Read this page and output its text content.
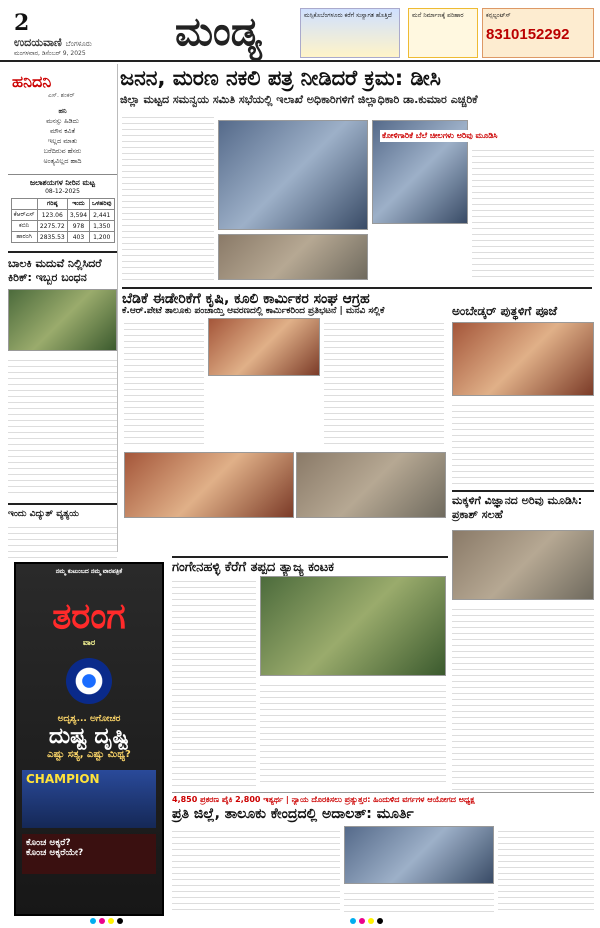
2
ಉದಯವಾಣಿ ಬೆಂಗಳೂರು
ಮಂಗಳವಾರ, ಡಿಸೆಂಬರ್ 9, 2025 ಮಂಡ್ಯ	ಮಸ್ಸಿಕೊಬೆಂಗಳೂರು ಕರೆಗೆ ಸುಸ್ವಾಗತ ಹೊತ್ತಿದೆ	ಮನೆ ನಿರ್ಮಾಣಕ್ಕೆ ಪರಿಹಾರ	ಕನ್ಸಲ್ಟಂಟ್‌ಸ್
8310152292
ಹನಿದನಿ
ಎಸ್. ಶಂಕರ್
ಹನಿ
ಮನಸ್ಸು ಹಿಡಿದು
ಮೌನ ಕವಿತೆ
ಇಲ್ಲದ ಮಾತು
ಬರೆದಿರುವ ಹೆಸರು
ಅಂತ್ಯವಿಲ್ಲದ ಹಾದಿ
ಜಲಾಶಯಗಳ ನೀರಿನ ಮಟ್ಟ
08-12-2025
	ಗರಿಷ್ಠ	ಇಂದು	ಒಳಹರಿವು
ಕೆಆರ್‌ಎಸ್	123.06	3,594	2,441
ಕಬಿನಿ	2275.72	978	1,350
ಹಾರಂಗಿ	2835.53	403	1,200
ಬಾಲಕಿ ಮದುವೆ ನಿಲ್ಲಿಸಿದರೆ ಕಿರಿಕ್: ಇಬ್ಬರ ಬಂಧನ
ಇಂದು ವಿದ್ಯುತ್ ವ್ಯತ್ಯಯ
ಜನನ, ಮರಣ ನಕಲಿ ಪತ್ರ ನೀಡಿದರೆ ಕ್ರಮ: ಡೀಸಿ
ಜಿಲ್ಲಾ ಮಟ್ಟದ ಸಮನ್ವಯ ಸಮಿತಿ ಸಭೆಯಲ್ಲಿ ಇಲಾಖೆ ಅಧಿಕಾರಿಗಳಿಗೆ ಜಿಲ್ಲಾಧಿಕಾರಿ ಡಾ.ಕುಮಾರ ಎಚ್ಚರಿಕೆ
ಕೋಳಿಗಾರಿಕೆ ಬೆಲೆ ಚೀಲಗಳು ಅರಿವು ಮೂಡಿಸಿ
ಬೆಡಿಕೆ ಈಡೇರಿಕೆಗೆ ಕೃಷಿ, ಕೂಲಿ ಕಾರ್ಮಿಕರ ಸಂಘ ಆಗ್ರಹ
ಕೆ.ಆರ್.ಪೇಟೆ ತಾಲೂಕು ಪಂಚಾಯ್ತಿ ಆವರಣದಲ್ಲಿ ಕಾರ್ಮಿಕರಿಂದ ಪ್ರತಿಭಟನೆ | ಮನವಿ ಸಲ್ಲಿಕೆ	ಅಂಬೇಡ್ಕರ್ ಪುತ್ಥಳಿಗೆ ಪೂಜೆ
ಮಕ್ಕಳಿಗೆ ವಿಜ್ಞಾನದ ಅರಿವು ಮೂಡಿಸಿ: ಪ್ರಕಾಶ್ ಸಲಹೆ
ಗಂಗೇನಹಳ್ಳಿ ಕೆರೆಗೆ ತಪ್ಪದ ತ್ಯಾಜ್ಯ ಕಂಟಕ
4,850 ಪ್ರಕರಣ ಪೈಕಿ 2,800 ಇತ್ಯರ್ಥ | ನ್ಯಾಯ ದೊರಕಿಸಲು ಪ್ರತ್ಯುತ್ತರ: ಹಿಂದುಳಿದ ವರ್ಗಗಳ ಆಯೋಗದ ಅಧ್ಯಕ್ಷ
ಪ್ರತಿ ಜಿಲ್ಲೆ, ತಾಲೂಕು ಕೇಂದ್ರದಲ್ಲಿ ಅದಾಲತ್: ಮೂರ್ತಿ
ನಮ್ಮ ಕುಟುಂಬದ ನಮ್ಮ ವಾರಪತ್ರಿಕೆ
ತರಂಗ
ವಾರ
ಅದೃಶ್ಯ... ಅಗೋಚರ
ದುಷ್ಟ ದೃಷ್ಟಿ
ಎಷ್ಟು ಸತ್ಯ, ಎಷ್ಟು ಮಿಥ್ಯ?
CHAMPION
ಕೊಂಚ ಅಕ್ಕರೆ?
ಕೊಂಚ ಅಕ್ಕರೆಯೇ?
